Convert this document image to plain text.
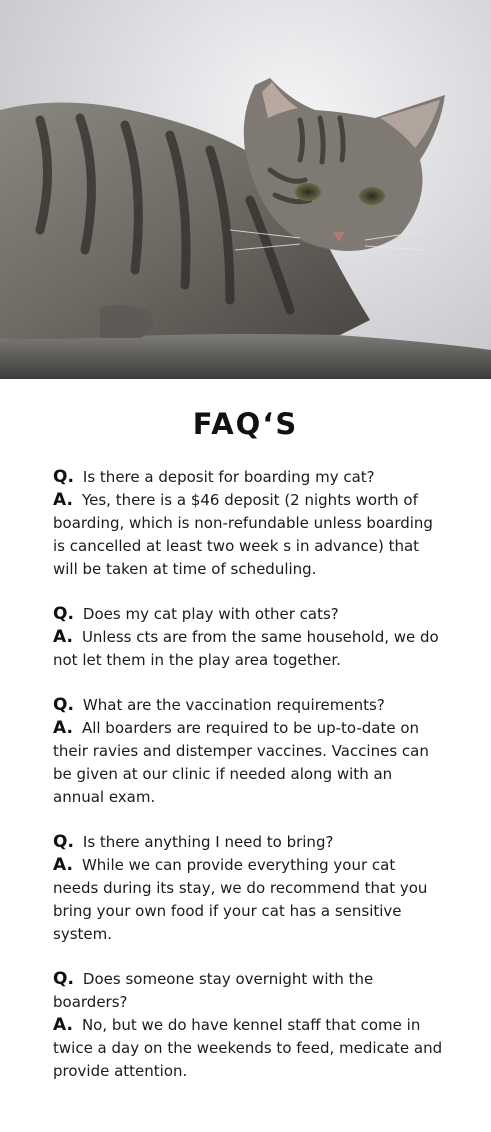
FAQ‘S

Q. Is there a deposit for boarding my cat?

A. Yes, there is a $46 deposit (2 nights worth of boarding, which is non-refundable unless boarding is cancelled at least two week s in advance) that will be taken at time of scheduling.

Q. Does my cat play with other cats?

A. Unless cts are from the same household, we do not let them in the play area together.

Q. What are the vaccination requirements?

A. All boarders are required to be up-to-date on their ravies and distemper vaccines. Vaccines can be given at our clinic if needed along with an annual exam.

Q. Is there anything I need to bring?

A. While we can provide everything your cat needs during its stay, we do recommend that you bring your own food if your cat has a sensitive system.

Q. Does someone stay overnight with the boarders?

A. No, but we do have kennel staff that come in twice a day on the weekends to feed, medicate and provide attention.
